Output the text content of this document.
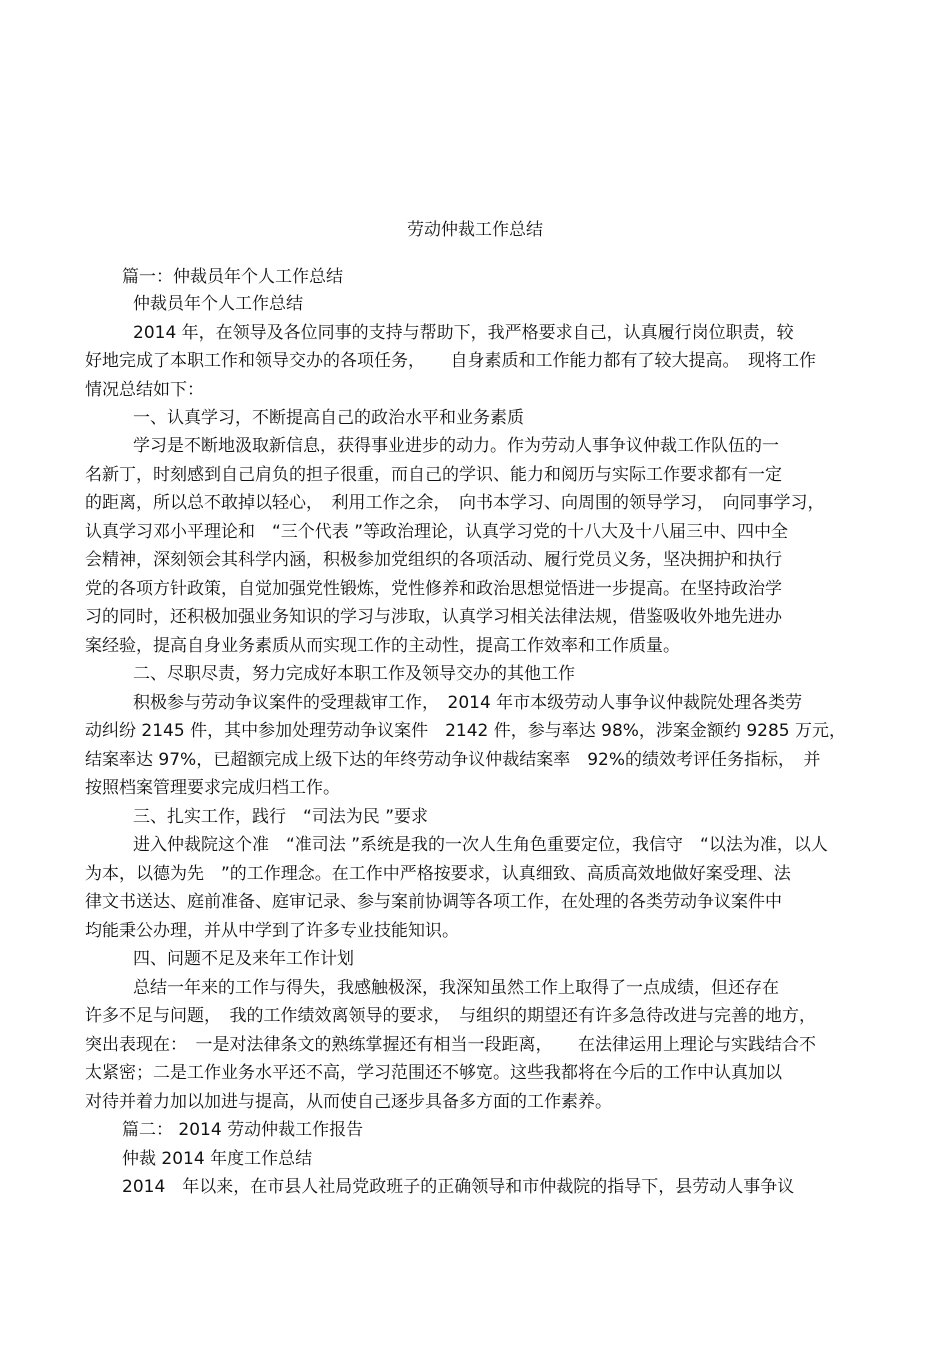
劳动仲裁工作总结

篇一：仲裁员年个人工作总结

仲裁员年个人工作总结

2014 年，在领导及各位同事的支持与帮助下，我严格要求自己，认真履行岗位职责，较

好地完成了本职工作和领导交办的各项任务，　　自身素质和工作能力都有了较大提高。　现将工作

情况总结如下：

一、认真学习，不断提高自己的政治水平和业务素质

学习是不断地汲取新信息，获得事业进步的动力。作为劳动人事争议仲裁工作队伍的一

名新丁，时刻感到自己肩负的担子很重，而自己的学识、能力和阅历与实际工作要求都有一定

的距离，所以总不敢掉以轻心，　利用工作之余，　向书本学习、向周围的领导学习，　向同事学习，

认真学习邓小平理论和　“三个代表 ”等政治理论，认真学习党的十八大及十八届三中、四中全

会精神，深刻领会其科学内涵，积极参加党组织的各项活动、履行党员义务，坚决拥护和执行

党的各项方针政策，自觉加强党性锻炼，党性修养和政治思想觉悟进一步提高。在坚持政治学

习的同时，还积极加强业务知识的学习与涉取，认真学习相关法律法规，借鉴吸收外地先进办

案经验，提高自身业务素质从而实现工作的主动性，提高工作效率和工作质量。

二、尽职尽责，努力完成好本职工作及领导交办的其他工作

积极参与劳动争议案件的受理裁审工作，　2014 年市本级劳动人事争议仲裁院处理各类劳

动纠纷 2145 件，其中参加处理劳动争议案件　2142 件，参与率达 98%，涉案金额约 9285 万元，

结案率达 97%，已超额完成上级下达的年终劳动争议仲裁结案率　92%的绩效考评任务指标，　并

按照档案管理要求完成归档工作。

三、扎实工作，践行　“司法为民 ”要求

进入仲裁院这个准　“准司法 ”系统是我的一次人生角色重要定位，我信守　“以法为准，以人

为本，以德为先　”的工作理念。在工作中严格按要求，认真细致、高质高效地做好案受理、法

律文书送达、庭前准备、庭审记录、参与案前协调等各项工作，在处理的各类劳动争议案件中

均能秉公办理，并从中学到了许多专业技能知识。

四、问题不足及来年工作计划

总结一年来的工作与得失，我感触极深，我深知虽然工作上取得了一点成绩，但还存在

许多不足与问题，　我的工作绩效离领导的要求，　与组织的期望还有许多急待改进与完善的地方，

突出表现在：　一是对法律条文的熟练掌握还有相当一段距离，　　在法律运用上理论与实践结合不

太紧密；二是工作业务水平还不高，学习范围还不够宽。这些我都将在今后的工作中认真加以

对待并着力加以加进与提高，从而使自己逐步具备多方面的工作素养。

篇二： 2014 劳动仲裁工作报告

仲裁 2014 年度工作总结

2014　年以来，在市县人社局党政班子的正确领导和市仲裁院的指导下，县劳动人事争议
